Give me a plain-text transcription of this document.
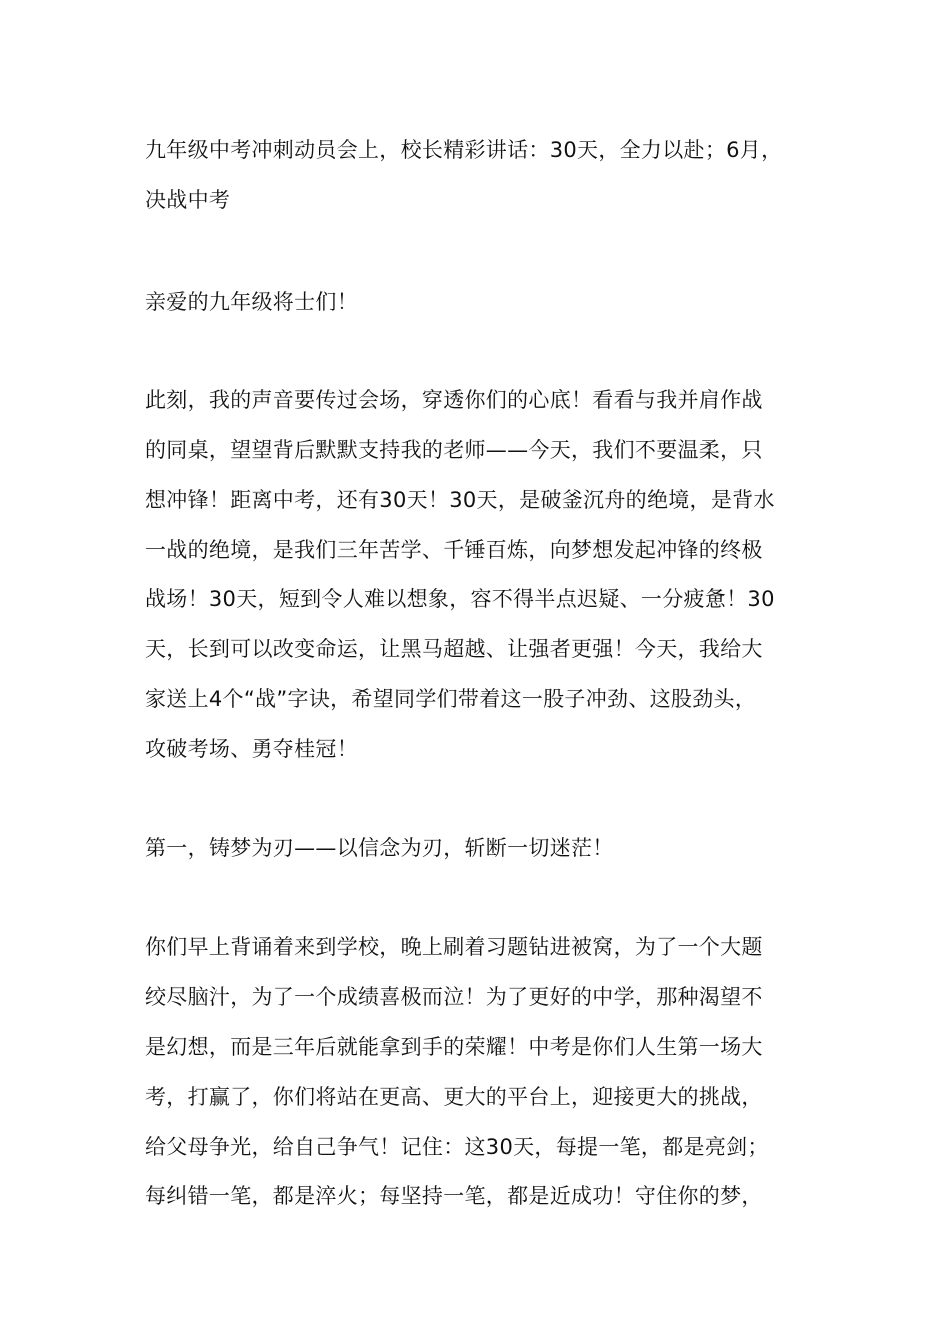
九年级中考冲刺动员会上，校长精彩讲话：30天，全力以赴；6月，

决战中考

亲爱的九年级将士们！

此刻，我的声音要传过会场，穿透你们的心底！看看与我并肩作战

的同桌，望望背后默默支持我的老师——今天，我们不要温柔，只

想冲锋！距离中考，还有30天！30天，是破釜沉舟的绝境，是背水

一战的绝境，是我们三年苦学、千锤百炼，向梦想发起冲锋的终极

战场！30天，短到令人难以想象，容不得半点迟疑、一分疲惫！30

天，长到可以改变命运，让黑马超越、让强者更强！今天，我给大

家送上4个“战”字诀，希望同学们带着这一股子冲劲、这股劲头，

攻破考场、勇夺桂冠！

第一，铸梦为刃——以信念为刃，斩断一切迷茫！

你们早上背诵着来到学校，晚上刷着习题钻进被窝，为了一个大题

绞尽脑汁，为了一个成绩喜极而泣！为了更好的中学，那种渴望不

是幻想，而是三年后就能拿到手的荣耀！中考是你们人生第一场大

考，打赢了，你们将站在更高、更大的平台上，迎接更大的挑战，

给父母争光，给自己争气！记住：这30天，每提一笔，都是亮剑；

每纠错一笔，都是淬火；每坚持一笔，都是近成功！守住你的梦，
